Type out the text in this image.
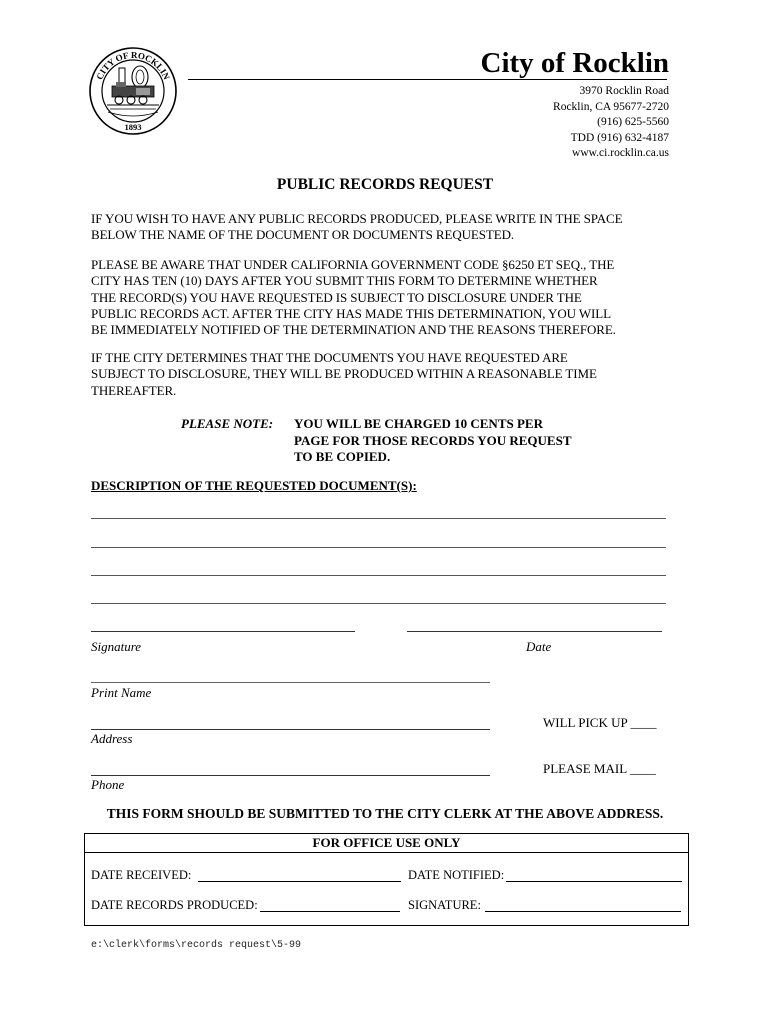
CITY OF ROCKLIN
1893
City of Rocklin
3970 Rocklin Road
Rocklin, CA 95677-2720
(916) 625-5560
TDD (916) 632-4187
www.ci.rocklin.ca.us
PUBLIC RECORDS REQUEST
IF YOU WISH TO HAVE ANY PUBLIC RECORDS PRODUCED, PLEASE WRITE IN THE SPACE
BELOW THE NAME OF THE DOCUMENT OR DOCUMENTS REQUESTED.
PLEASE BE AWARE THAT UNDER CALIFORNIA GOVERNMENT CODE §6250 ET SEQ., THE
CITY HAS TEN (10) DAYS AFTER YOU SUBMIT THIS FORM TO DETERMINE WHETHER
THE RECORD(S) YOU HAVE REQUESTED IS SUBJECT TO DISCLOSURE UNDER THE
PUBLIC RECORDS ACT. AFTER THE CITY HAS MADE THIS DETERMINATION, YOU WILL
BE IMMEDIATELY NOTIFIED OF THE DETERMINATION AND THE REASONS THEREFORE.
IF THE CITY DETERMINES THAT THE DOCUMENTS YOU HAVE REQUESTED ARE
SUBJECT TO DISCLOSURE, THEY WILL BE PRODUCED WITHIN A REASONABLE TIME
THEREAFTER.
PLEASE NOTE: YOU WILL BE CHARGED 10 CENTS PER
PAGE FOR THOSE RECORDS YOU REQUEST
TO BE COPIED.
DESCRIPTION OF THE REQUESTED DOCUMENT(S):
Signature	Date
Print Name
WILL PICK UP ____
Address
PLEASE MAIL ____
Phone
THIS FORM SHOULD BE SUBMITTED TO THE CITY CLERK AT THE ABOVE ADDRESS.
FOR OFFICE USE ONLY
DATE RECEIVED:	DATE NOTIFIED:
DATE RECORDS PRODUCED:	SIGNATURE:
e:\clerk\forms\records request\5-99
